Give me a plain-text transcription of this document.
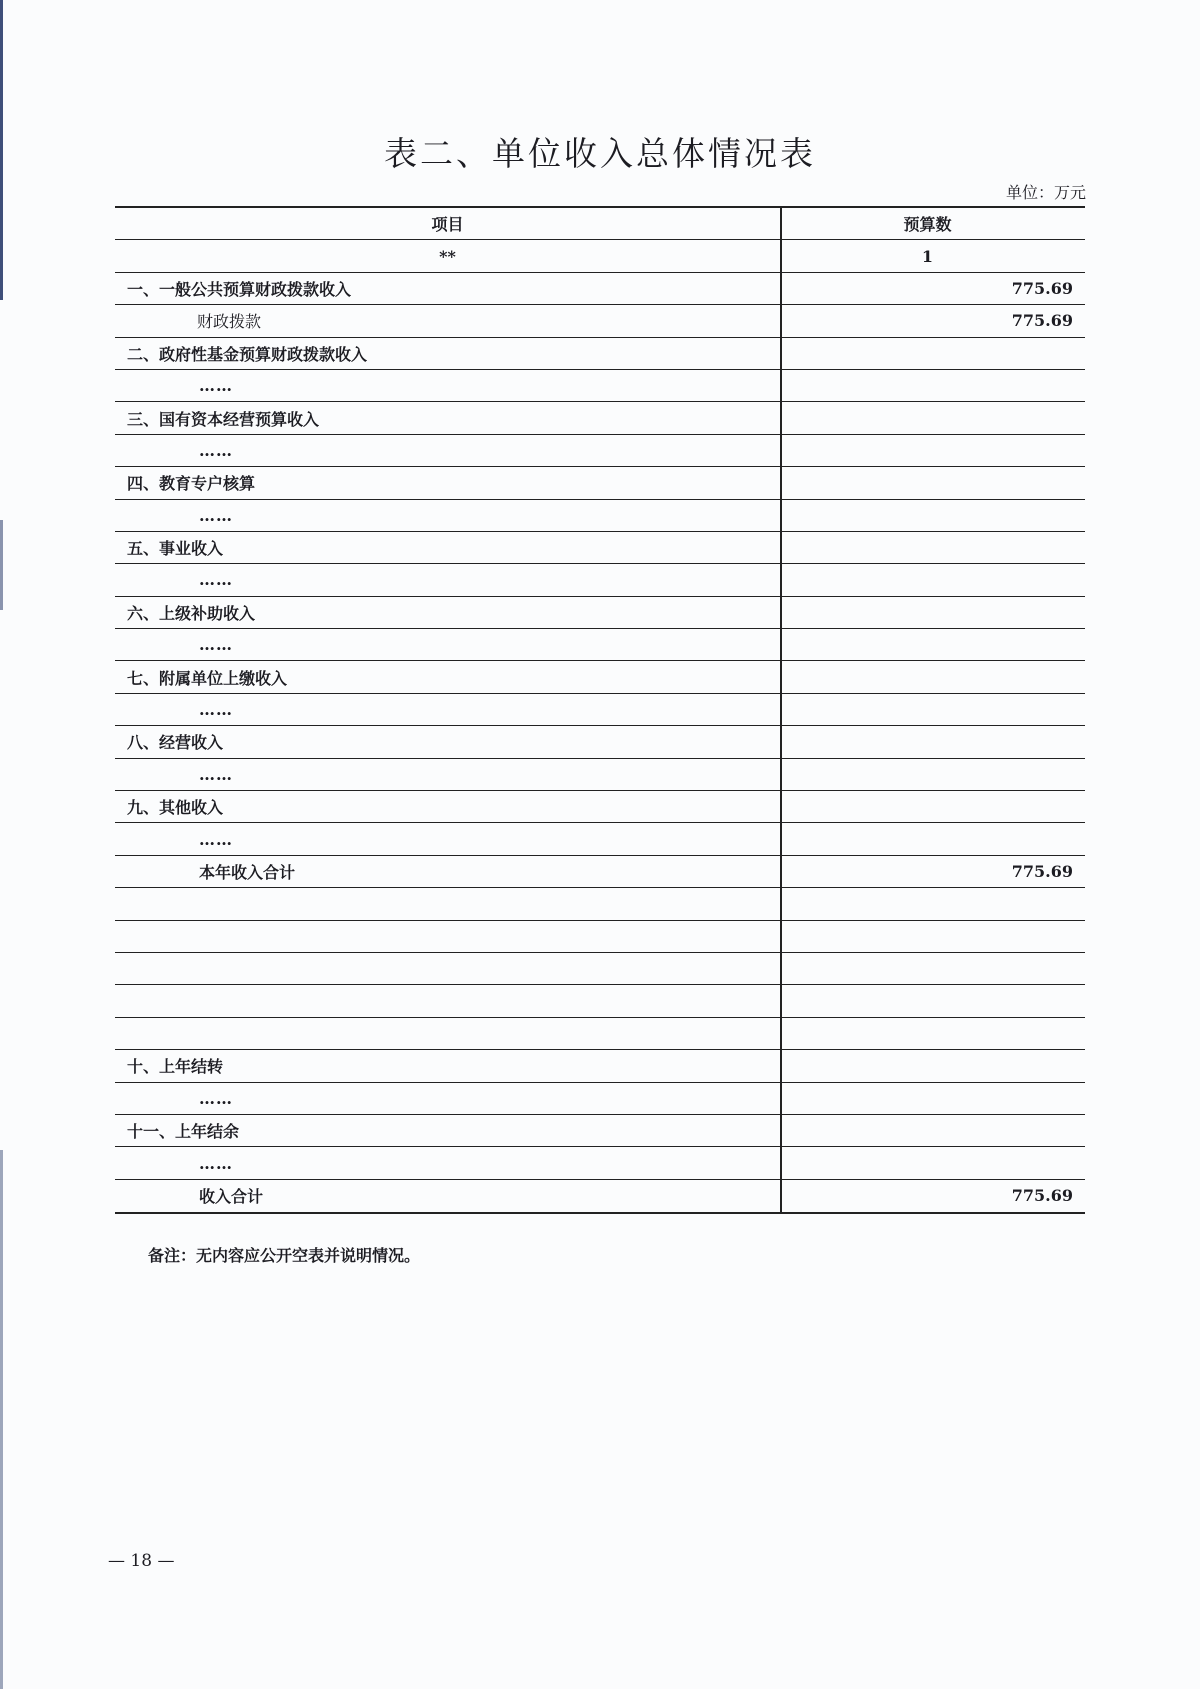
表二、单位收入总体情况表
单位：万元
项目	预算数
**	1
一、一般公共预算财政拨款收入	775.69
财政拨款	775.69
二、政府性基金预算财政拨款收入
……
三、国有资本经营预算收入
……
四、教育专户核算
……
五、事业收入
……
六、上级补助收入
……
七、附属单位上缴收入
……
八、经营收入
……
九、其他收入
……
本年收入合计	775.69
十、上年结转
……
十一、上年结余
……
收入合计	775.69
备注：无内容应公开空表并说明情况。
— 18 —
